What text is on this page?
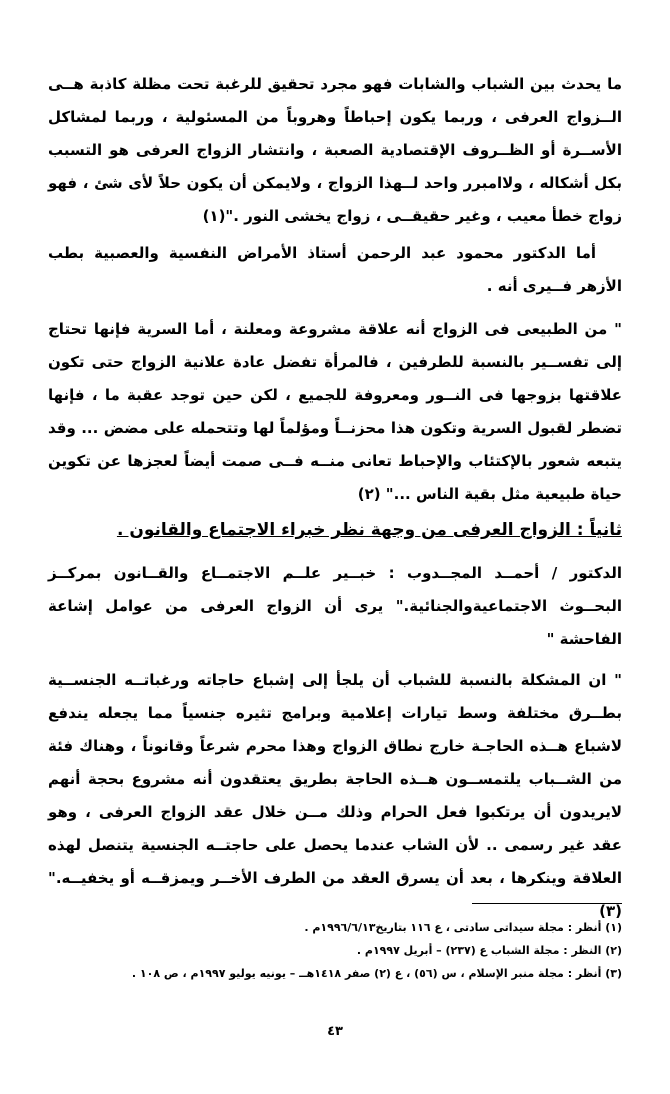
ما يحدث بين الشباب والشابات فهو مجرد تحقيق للرغبة تحت مظلة كاذبة هــى الــزواج العرفى ، وربما يكون إحباطاً وهروباً من المسئولية ، وربما لمشاكل الأســرة أو الظــروف الإقتصادية الصعبة ، وانتشار الزواج العرفى هو التسبب بكل أشكاله ، ولاامبرر واحد لــهذا الزواج ، ولايمكن أن يكون حلاً لأى شئ ، فهو زواج خطأ معيب ، وغير حقيقــى ، زواج يخشى النور ."(١)

أما الدكتور محمود عبد الرحمن أستاذ الأمراض النفسية والعصبية بطب الأزهر فــيرى أنه .

" من الطبيعى فى الزواج أنه علاقة مشروعة ومعلنة ، أما السرية فإنها تحتاج إلى تفســير بالنسبة للطرفين ، فالمرأة تفضل عادة علانية الزواج حتى تكون علاقتها بزوجها فى النــور ومعروفة للجميع ، لكن حين توجد عقبة ما ، فإنها تضطر لقبول السرية وتكون هذا محزنــاً ومؤلماً لها وتتحمله على مضض ... وقد يتبعه شعور بالإكتئاب والإحباط تعانى منــه فــى صمت أيضاً لعجزها عن تكوين حياة طبيعية مثل بقية الناس ..." (٢)

ثانياً : الزواج العرفى من وجهة نظر خبراء الاجتماع والقانون .

الدكتور / أحمــد المجــدوب : خبــير علــم الاجتمــاع والقــانون بمركــز البحــوث الاجتماعيةوالجنائية." يرى أن الزواج العرفى من عوامل إشاعة الفاحشة "

" ان المشكلة بالنسبة للشباب أن يلجأ إلى إشباع حاجاته ورغباتــه الجنســية بطــرق مختلفة وسط تيارات إعلامية وبرامج تثيره جنسياً مما يجعله يندفع لاشباع هــذه الحاجـة خارج نطاق الزواج وهذا محرم شرعاً وقانوناً ، وهناك فئة من الشــباب يلتمســون هــذه الحاجة بطريق يعتقدون أنه مشروع بحجة أنهم لايريدون أن يرتكبوا فعل الحرام وذلك مــن خلال عقد الزواج العرفى ، وهو عقد غير رسمى .. لأن الشاب عندما يحصل على حاجتــه الجنسية يتنصل لهذه العلاقة وينكرها ، بعد أن يسرق العقد من الطرف الأخــر ويمزقــه أو يخفيــه."(٣)

(١) أنظر : مجلة سيداتى سادتى ، ع ١١٦ بتاريخ١٩٩٦/٦/١٣م .
(٢) النظر : مجلة الشباب ع (٢٣٧) – أبريل ١٩٩٧م .
(٣) أنظر : مجلة منبر الإسلام ، س (٥٦) ، ع (٢) صفر ١٤١٨هــ – يونيه يوليو ١٩٩٧م ، ص ١٠٨ .
٤٣
